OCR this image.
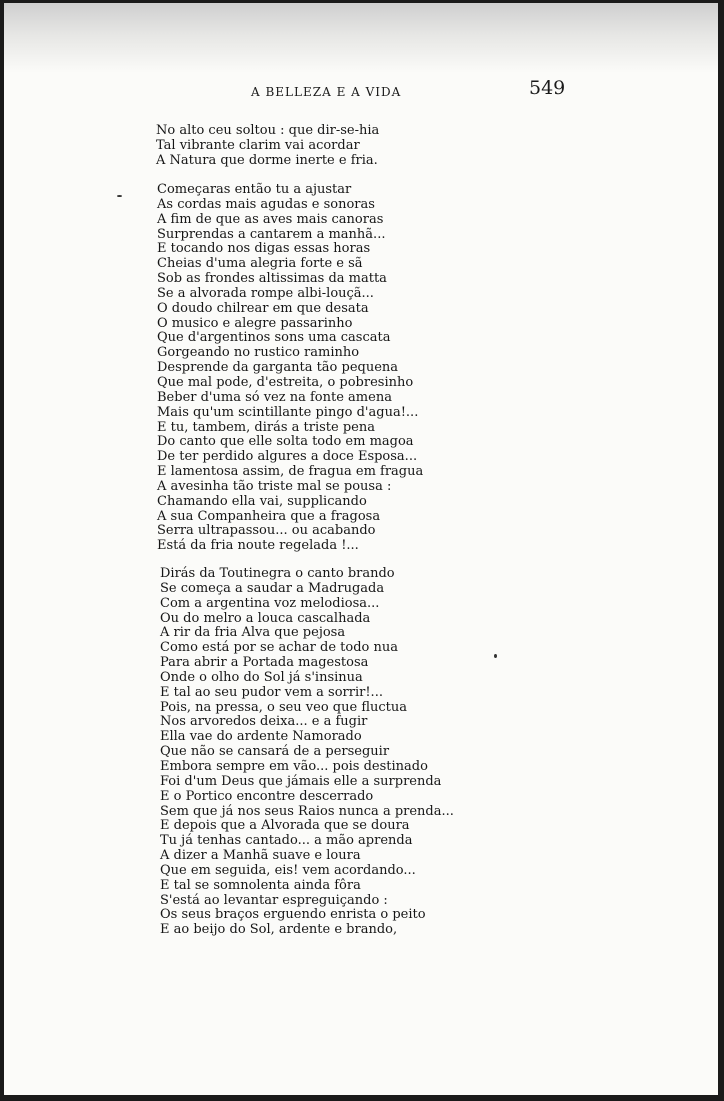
A BELLEZA E A VIDA	549
No alto ceu soltou : que dir-se-hia
Tal vibrante clarim vai acordar
A Natura que dorme inerte e fria.
Começaras então tu a ajustar
As cordas mais agudas e sonoras
A fim de que as aves mais canoras
Surprendas a cantarem a manhã...
E tocando nos digas essas horas
Cheias d'uma alegria forte e sã
Sob as frondes altissimas da matta
Se a alvorada rompe albi-louçã...
O doudo chilrear em que desata
O musico e alegre passarinho
Que d'argentinos sons uma cascata
Gorgeando no rustico raminho
Desprende da garganta tão pequena
Que mal pode, d'estreita, o pobresinho
Beber d'uma só vez na fonte amena
Mais qu'um scintillante pingo d'agua!...
E tu, tambem, dirás a triste pena
Do canto que elle solta todo em magoa
De ter perdido algures a doce Esposa...
E lamentosa assim, de fragua em fragua
A avesinha tão triste mal se pousa :
Chamando ella vai, supplicando
A sua Companheira que a fragosa
Serra ultrapassou... ou acabando
Está da fria noute regelada !...
Dirás da Toutinegra o canto brando
Se começa a saudar a Madrugada
Com a argentina voz melodiosa...
Ou do melro a louca cascalhada
A rir da fria Alva que pejosa
Como está por se achar de todo nua
Para abrir a Portada magestosa
Onde o olho do Sol já s'insinua
E tal ao seu pudor vem a sorrir!...
Pois, na pressa, o seu veo que fluctua
Nos arvoredos deixa... e a fugir
Ella vae do ardente Namorado
Que não se cansará de a perseguir
Embora sempre em vão... pois destinado
Foi d'um Deus que jámais elle a surprenda
E o Portico encontre descerrado
Sem que já nos seus Raios nunca a prenda...
E depois que a Alvorada que se doura
Tu já tenhas cantado... a mão aprenda
A dizer a Manhã suave e loura
Que em seguida, eis! vem acordando...
E tal se somnolenta ainda fôra
S'está ao levantar espreguiçando :
Os seus braços erguendo enrista o peito
E ao beijo do Sol, ardente e brando,
